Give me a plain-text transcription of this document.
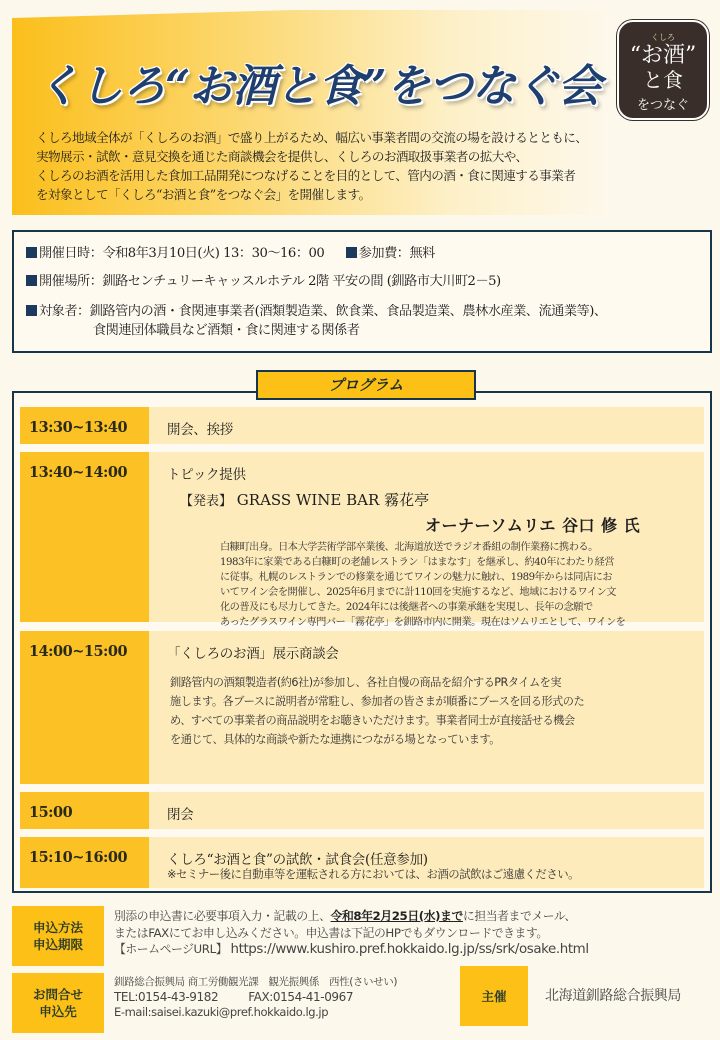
くしろ“お酒と食”をつなぐ会
くしろ
“お酒”
と食
をつなぐ
くしろ地域全体が「くしろのお酒」で盛り上がるため、幅広い事業者間の交流の場を設けるとともに、
実物展示・試飲・意見交換を通じた商談機会を提供し、くしろのお酒取扱事業者の拡大や、
くしろのお酒を活用した食加工品開発につなげることを目的として、管内の酒・食に関連する事業者
を対象として「くしろ“お酒と食”をつなぐ会」を開催します。
開催日時：令和8年3月10日(火) 13：30～16：00	参加費：無料
開催場所：釧路センチュリーキャッスルホテル 2階 平安の間 (釧路市大川町2－5)
対象者：釧路管内の酒・食関連事業者(酒類製造業、飲食業、食品製造業、農林水産業、流通業等)、
食関連団体職員など酒類・食に関連する関係者
プログラム
13:30~13:40	開会、挨拶
13:40~14:00	トピック提供
【発表】 GRASS WINE BAR 霧花亭
オーナーソムリエ 谷口 修 氏
白糠町出身。日本大学芸術学部卒業後、北海道放送でラジオ番組の制作業務に携わる。
1983年に家業である白糠町の老舗レストラン「はまなす」を継承し、約40年にわたり経営
に従事。札幌のレストランでの修業を通じてワインの魅力に触れ、1989年からは同店にお
いてワイン会を開催し、2025年6月までに計110回を実施するなど、地域におけるワイン文
化の普及にも尽力してきた。2024年には後継者への事業承継を実現し、長年の念願で
あったグラスワイン専門バー「霧花亭」を釧路市内に開業。現在はソムリエとして、ワインを
14:00~15:00	「くしろのお酒」展示商談会
釧路管内の酒類製造者(約6社)が参加し、各社自慢の商品を紹介するPRタイムを実
施します。各ブースに説明者が常駐し、参加者の皆さまが順番にブースを回る形式のた
め、すべての事業者の商品説明をお聴きいただけます。事業者同士が直接話せる機会
を通じて、具体的な商談や新たな連携につながる場となっています。
15:00	閉会
15:10~16:00	くしろ“お酒と食”の試飲・試食会(任意参加)
※セミナー後に自動車等を運転される方においては、お酒の試飲はご遠慮ください。
申込方法
申込期限
別添の申込書に必要事項入力・記載の上、令和8年2月25日(水)までに担当者までメール、
またはFAXにてお申し込みください。申込書は下記のHPでもダウンロードできます。
【ホームページURL】 https://www.kushiro.pref.hokkaido.lg.jp/ss/srk/osake.html
お問合せ
申込先
釧路総合振興局 商工労働観光課　観光振興係　西性(さいせい)
TEL:0154-43-9182	FAX:0154-41-0967
E-mail:saisei.kazuki@pref.hokkaido.lg.jp
主催	北海道釧路総合振興局
